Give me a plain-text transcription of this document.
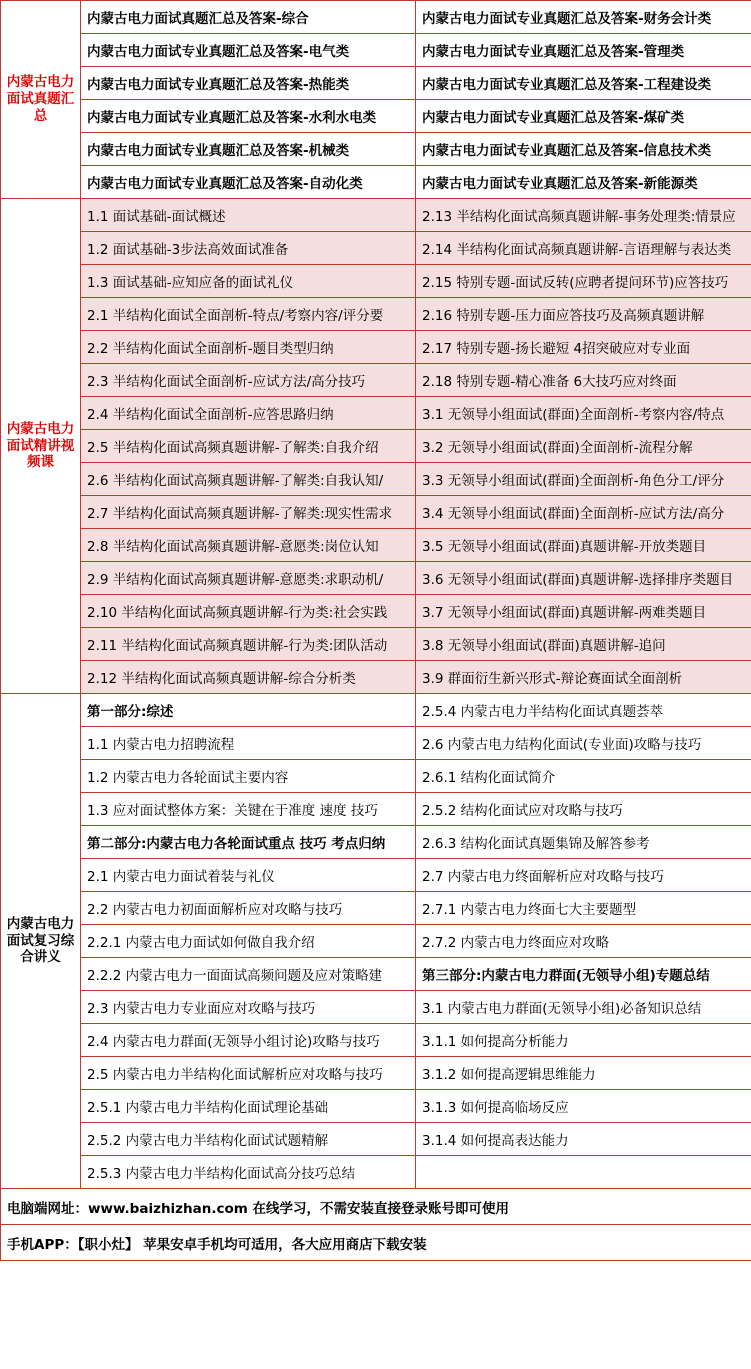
内蒙古电力面试真题汇总	内蒙古电力面试真题汇总及答案-综合	内蒙古电力面试专业真题汇总及答案-财务会计类
	内蒙古电力面试专业真题汇总及答案-电气类	内蒙古电力面试专业真题汇总及答案-管理类
	内蒙古电力面试专业真题汇总及答案-热能类	内蒙古电力面试专业真题汇总及答案-工程建设类
	内蒙古电力面试专业真题汇总及答案-水利水电类	内蒙古电力面试专业真题汇总及答案-煤矿类
	内蒙古电力面试专业真题汇总及答案-机械类	内蒙古电力面试专业真题汇总及答案-信息技术类
	内蒙古电力面试专业真题汇总及答案-自动化类	内蒙古电力面试专业真题汇总及答案-新能源类
内蒙古电力面试精讲视频课	1.1 面试基础-面试概述	2.13 半结构化面试高频真题讲解-事务处理类:情景应
	1.2 面试基础-3步法高效面试准备	2.14 半结构化面试高频真题讲解-言语理解与表达类
	1.3 面试基础-应知应备的面试礼仪	2.15 特别专题-面试反转(应聘者提问环节)应答技巧
	2.1 半结构化面试全面剖析-特点/考察内容/评分要	2.16 特别专题-压力面应答技巧及高频真题讲解
	2.2 半结构化面试全面剖析-题目类型归纳	2.17 特别专题-扬长避短 4招突破应对专业面
	2.3 半结构化面试全面剖析-应试方法/高分技巧	2.18 特别专题-精心准备 6大技巧应对终面
	2.4 半结构化面试全面剖析-应答思路归纳	3.1 无领导小组面试(群面)全面剖析-考察内容/特点
	2.5 半结构化面试高频真题讲解-了解类:自我介绍	3.2 无领导小组面试(群面)全面剖析-流程分解
	2.6 半结构化面试高频真题讲解-了解类:自我认知/	3.3 无领导小组面试(群面)全面剖析-角色分工/评分
	2.7 半结构化面试高频真题讲解-了解类:现实性需求	3.4 无领导小组面试(群面)全面剖析-应试方法/高分
	2.8 半结构化面试高频真题讲解-意愿类:岗位认知	3.5 无领导小组面试(群面)真题讲解-开放类题目
	2.9 半结构化面试高频真题讲解-意愿类:求职动机/	3.6 无领导小组面试(群面)真题讲解-选择排序类题目
	2.10 半结构化面试高频真题讲解-行为类:社会实践	3.7 无领导小组面试(群面)真题讲解-两难类题目
	2.11 半结构化面试高频真题讲解-行为类:团队活动	3.8 无领导小组面试(群面)真题讲解-追问
	2.12 半结构化面试高频真题讲解-综合分析类	3.9 群面衍生新兴形式-辩论赛面试全面剖析
内蒙古电力面试复习综合讲义	第一部分:综述	2.5.4 内蒙古电力半结构化面试真题荟萃
	1.1 内蒙古电力招聘流程	2.6 内蒙古电力结构化面试(专业面)攻略与技巧
	1.2 内蒙古电力各轮面试主要内容	2.6.1 结构化面试简介
	1.3 应对面试整体方案：关键在于准度 速度 技巧	2.5.2 结构化面试应对攻略与技巧
	第二部分:内蒙古电力各轮面试重点 技巧 考点归纳	2.6.3 结构化面试真题集锦及解答参考
	2.1 内蒙古电力面试着装与礼仪	2.7 内蒙古电力终面解析应对攻略与技巧
	2.2 内蒙古电力初面面解析应对攻略与技巧	2.7.1 内蒙古电力终面七大主要题型
	2.2.1 内蒙古电力面试如何做自我介绍	2.7.2 内蒙古电力终面应对攻略
	2.2.2 内蒙古电力一面面试高频问题及应对策略建	第三部分:内蒙古电力群面(无领导小组)专题总结
	2.3 内蒙古电力专业面应对攻略与技巧	3.1 内蒙古电力群面(无领导小组)必备知识总结
	2.4 内蒙古电力群面(无领导小组讨论)攻略与技巧	3.1.1 如何提高分析能力
	2.5 内蒙古电力半结构化面试解析应对攻略与技巧	3.1.2 如何提高逻辑思维能力
	2.5.1 内蒙古电力半结构化面试理论基础	3.1.3 如何提高临场反应
	2.5.2 内蒙古电力半结构化面试试题精解	3.1.4 如何提高表达能力
	2.5.3 内蒙古电力半结构化面试高分技巧总结	
电脑端网址：www.baizhizhan.com 在线学习，不需安装直接登录账号即可使用		
手机APP：【职小灶】 苹果安卓手机均可适用，各大应用商店下载安装		
